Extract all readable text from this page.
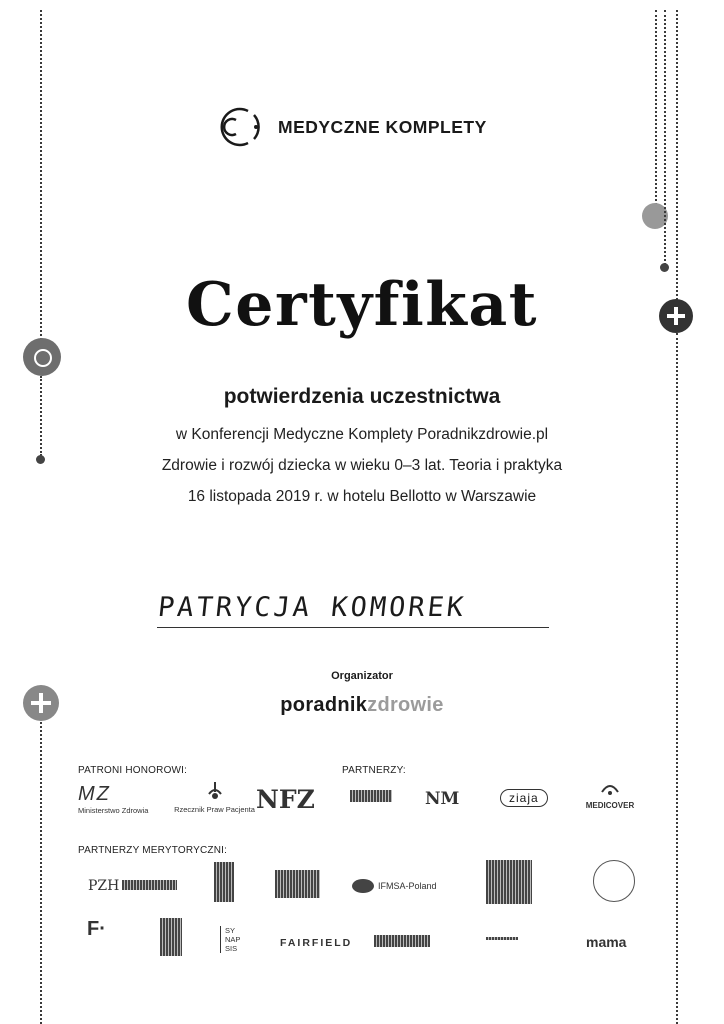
MEDYCZNE KOMPLETY
Certyfikat
potwierdzenia uczestnictwa
w Konferencji Medyczne Komplety Poradnikzdrowie.pl
Zdrowie i rozwój dziecka w wieku 0–3 lat. Teoria i praktyka
16 listopada 2019 r. w hotelu Bellotto w Warszawie
PATRYCJA KOMOREK
Organizator
poradnikzdrowie
PATRONI HONOROWI:
MZ
Ministerstwo Zdrowia	Rzecznik Praw Pacjenta NFZ
PARTNERZY:
NM	ziaja
MEDICOVER
PARTNERZY MERYTORYCZNI:
PZH	IFMSA-Poland
F·	SY NAP SIS	FAIRFIELD	mama
